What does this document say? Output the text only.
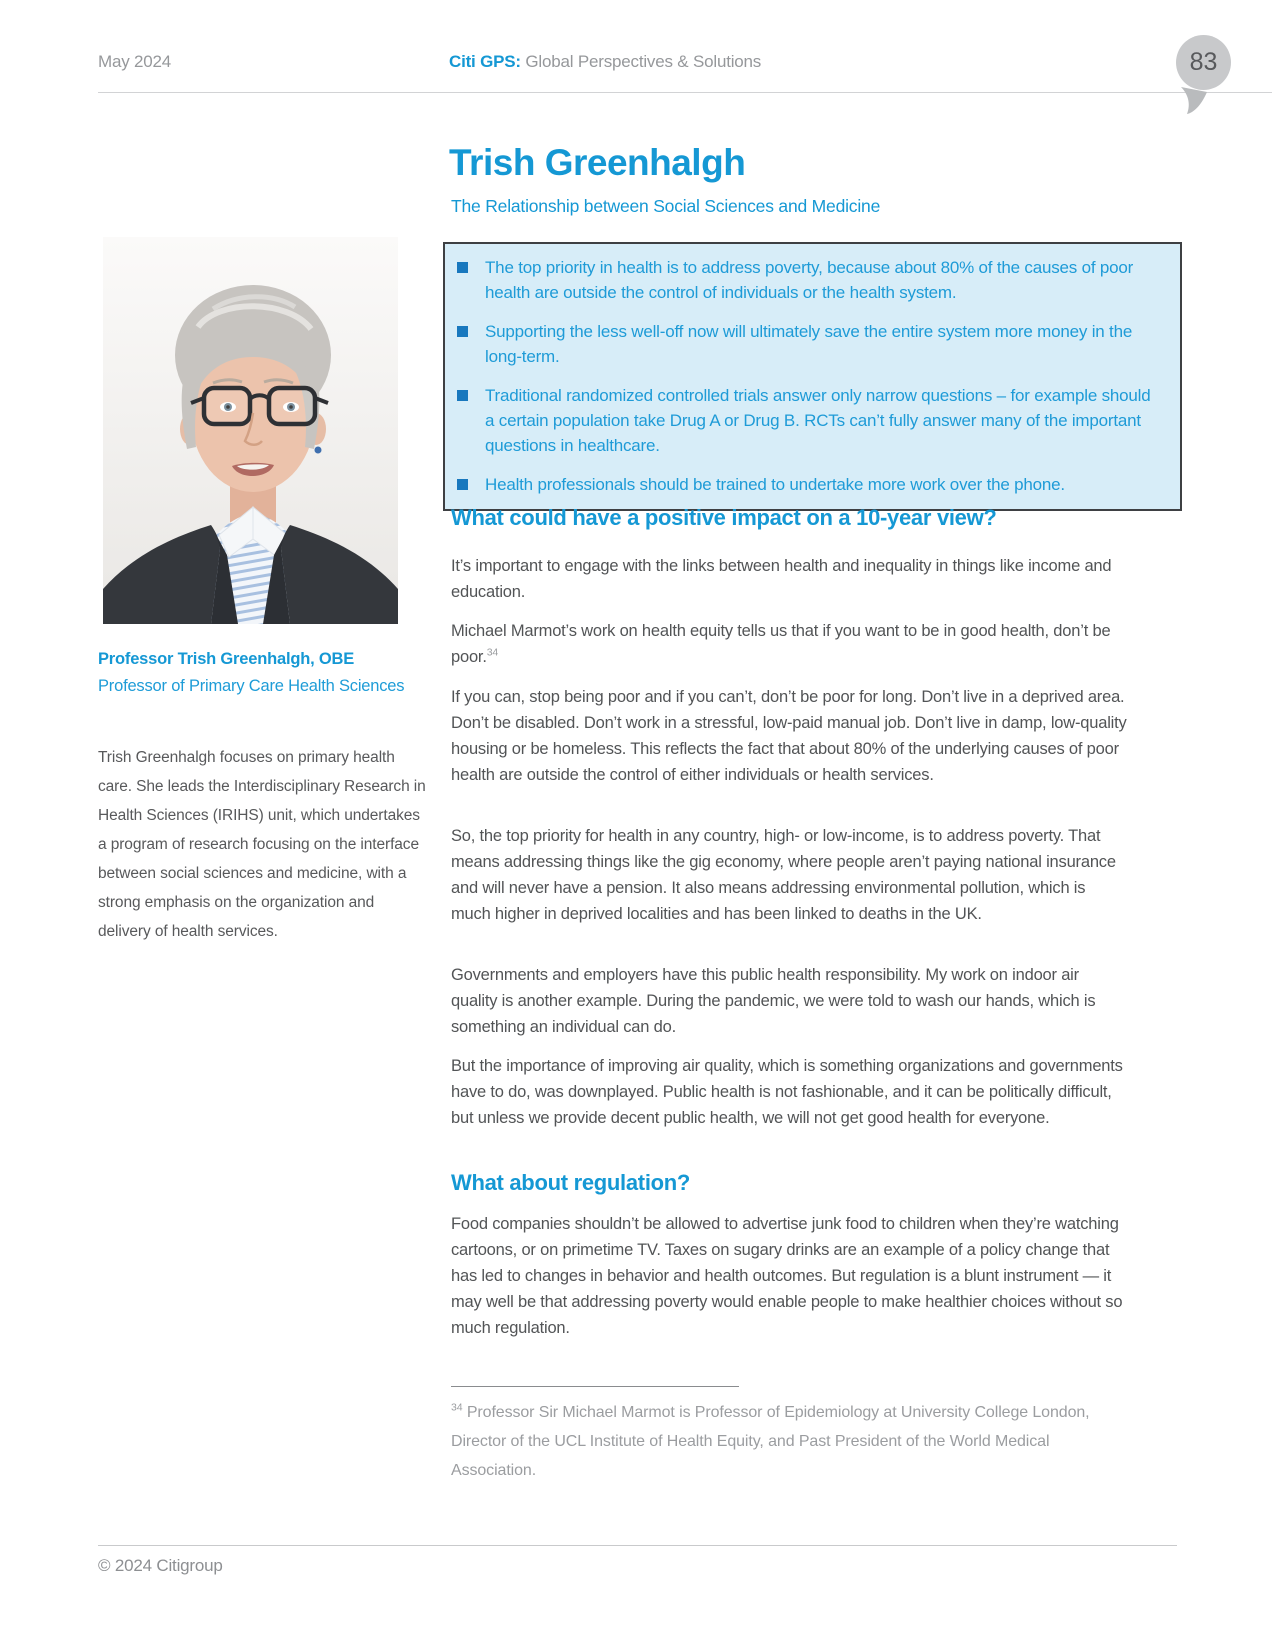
May 2024	Citi GPS: Global Perspectives & Solutions	83
Professor Trish Greenhalgh, OBE
Professor of Primary Care Health Sciences

Trish Greenhalgh focuses on primary health care. She leads the Interdisciplinary Research in Health Sciences (IRIHS) unit, which undertakes a program of research focusing on the interface between social sciences and medicine, with a strong emphasis on the organization and delivery of health services.

Trish Greenhalgh
The Relationship between Social Sciences and Medicine
The top priority in health is to address poverty, because about 80% of the causes of poor health are outside the control of individuals or the health system.
Supporting the less well-off now will ultimately save the entire system more money in the long-term.
Traditional randomized controlled trials answer only narrow questions – for example should a certain population take Drug A or Drug B. RCTs can’t fully answer many of the important questions in healthcare.
Health professionals should be trained to undertake more work over the phone.
What could have a positive impact on a 10-year view?

It’s important to engage with the links between health and inequality in things like income and education.

Michael Marmot’s work on health equity tells us that if you want to be in good health, don’t be poor.$^{34}$

If you can, stop being poor and if you can’t, don’t be poor for long. Don’t live in a deprived area. Don’t be disabled. Don’t work in a stressful, low-paid manual job. Don’t live in damp, low-quality housing or be homeless. This reflects the fact that about 80% of the underlying causes of poor health are outside the control of either individuals or health services.

So, the top priority for health in any country, high- or low-income, is to address poverty. That means addressing things like the gig economy, where people aren’t paying national insurance and will never have a pension. It also means addressing environmental pollution, which is much higher in deprived localities and has been linked to deaths in the UK.

Governments and employers have this public health responsibility. My work on indoor air quality is another example. During the pandemic, we were told to wash our hands, which is something an individual can do.

But the importance of improving air quality, which is something organizations and governments have to do, was downplayed. Public health is not fashionable, and it can be politically difficult, but unless we provide decent public health, we will not get good health for everyone.

What about regulation?

Food companies shouldn’t be allowed to advertise junk food to children when they’re watching cartoons, or on primetime TV. Taxes on sugary drinks are an example of a policy change that has led to changes in behavior and health outcomes. But regulation is a blunt instrument — it may well be that addressing poverty would enable people to make healthier choices without so much regulation.

$^{34}$ Professor Sir Michael Marmot is Professor of Epidemiology at University College London, Director of the UCL Institute of Health Equity, and Past President of the World Medical Association.

© 2024 Citigroup
